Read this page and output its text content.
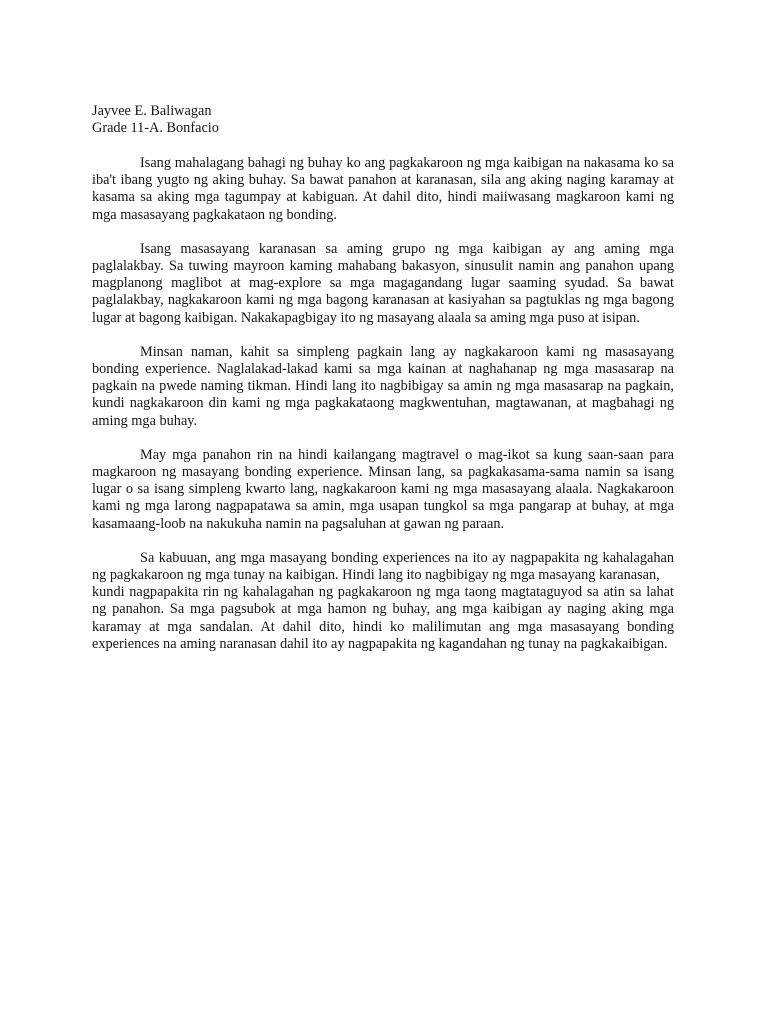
Jayvee E. Baliwagan

Grade 11-A. Bonfacio

Isang mahalagang bahagi ng buhay ko ang pagkakaroon ng mga kaibigan na nakasama ko sa iba't ibang yugto ng aking buhay. Sa bawat panahon at karanasan, sila ang aking naging karamay at kasama sa aking mga tagumpay at kabiguan. At dahil dito, hindi maiiwasang magkaroon kami ng mga masasayang pagkakataon ng bonding.

Isang masasayang karanasan sa aming grupo ng mga kaibigan ay ang aming mga paglalakbay. Sa tuwing mayroon kaming mahabang bakasyon, sinusulit namin ang panahon upang magplanong maglibot at mag-explore sa mga magagandang lugar saaming syudad. Sa bawat paglalakbay, nagkakaroon kami ng mga bagong karanasan at kasiyahan sa pagtuklas ng mga bagong lugar at bagong kaibigan. Nakakapagbigay ito ng masayang alaala sa aming mga puso at isipan.

Minsan naman, kahit sa simpleng pagkain lang ay nagkakaroon kami ng masasayang bonding experience. Naglalakad-lakad kami sa mga kainan at naghahanap ng mga masasarap na pagkain na pwede naming tikman. Hindi lang ito nagbibigay sa amin ng mga masasarap na pagkain, kundi nagkakaroon din kami ng mga pagkakataong magkwentuhan, magtawanan, at magbahagi ng aming mga buhay.

May mga panahon rin na hindi kailangang magtravel o mag-ikot sa kung saan-saan para magkaroon ng masayang bonding experience. Minsan lang, sa pagkakasama-sama namin sa isang lugar o sa isang simpleng kwarto lang, nagkakaroon kami ng mga masasayang alaala. Nagkakaroon kami ng mga larong nagpapatawa sa amin, mga usapan tungkol sa mga pangarap at buhay, at mga kasamaang-loob na nakukuha namin na pagsaluhan at gawan ng paraan.

Sa kabuuan, ang mga masayang bonding experiences na ito ay nagpapakita ng kahalagahan ng pagkakaroon ng mga tunay na kaibigan. Hindi lang ito nagbibigay ng mga masayang karanasan,

kundi nagpapakita rin ng kahalagahan ng pagkakaroon ng mga taong magtataguyod sa atin sa lahat ng panahon. Sa mga pagsubok at mga hamon ng buhay, ang mga kaibigan ay naging aking mga karamay at mga sandalan. At dahil dito, hindi ko malilimutan ang mga masasayang bonding experiences na aming naranasan dahil ito ay nagpapakita ng kagandahan ng tunay na pagkakaibigan.
